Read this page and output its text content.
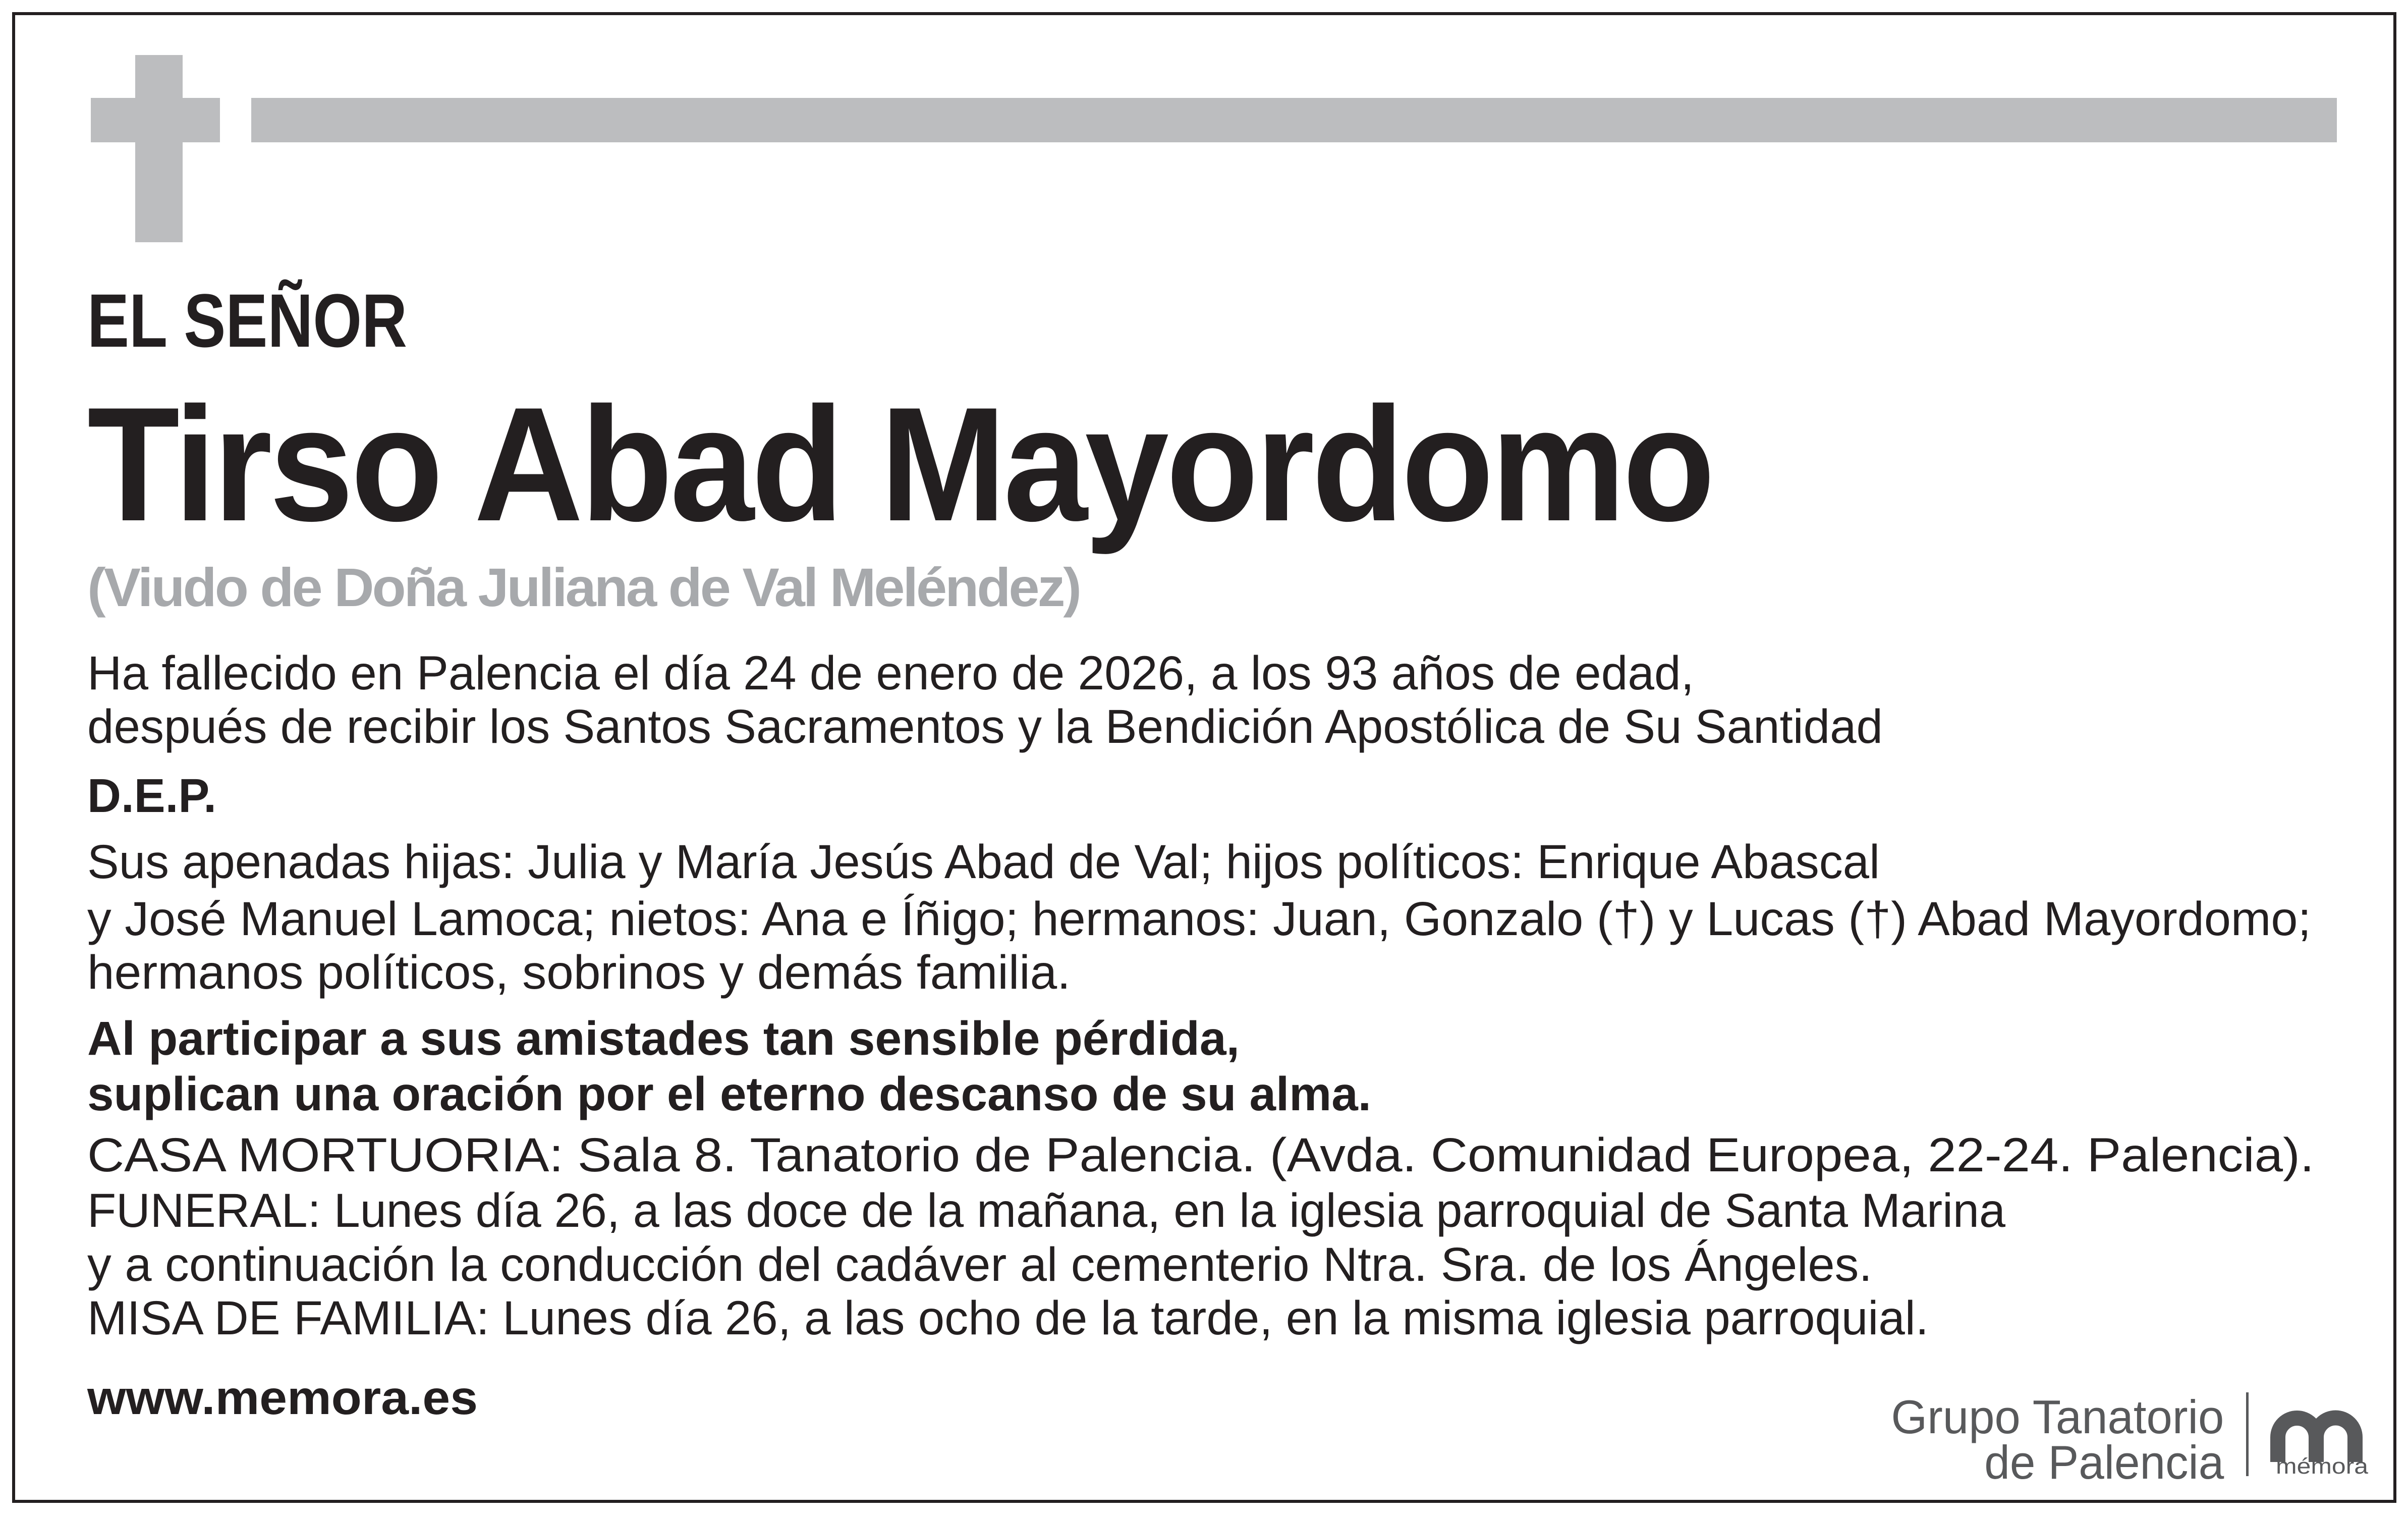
EL SEÑOR
Tirso Abad Mayordomo
(Viudo de Doña Juliana de Val Meléndez)
Ha fallecido en Palencia el día 24 de enero de 2026, a los 93 años de edad,
después de recibir los Santos Sacramentos y la Bendición Apostólica de Su Santidad
D.E.P.
Sus apenadas hijas: Julia y María Jesús Abad de Val; hijos políticos: Enrique Abascal
y José Manuel Lamoca; nietos: Ana e Íñigo; hermanos: Juan, Gonzalo (†) y Lucas (†) Abad Mayordomo;
hermanos políticos, sobrinos y demás familia.
Al participar a sus amistades tan sensible pérdida,
suplican una oración por el eterno descanso de su alma.
CASA MORTUORIA: Sala 8. Tanatorio de Palencia. (Avda. Comunidad Europea, 22-24. Palencia).
FUNERAL: Lunes día 26, a las doce de la mañana, en la iglesia parroquial de Santa Marina
y a continuación la conducción del cadáver al cementerio Ntra. Sra. de los Ángeles.
MISA DE FAMILIA: Lunes día 26, a las ocho de la tarde, en la misma iglesia parroquial.
www.memora.es	Grupo Tanatorio
de Palencia	mémora
